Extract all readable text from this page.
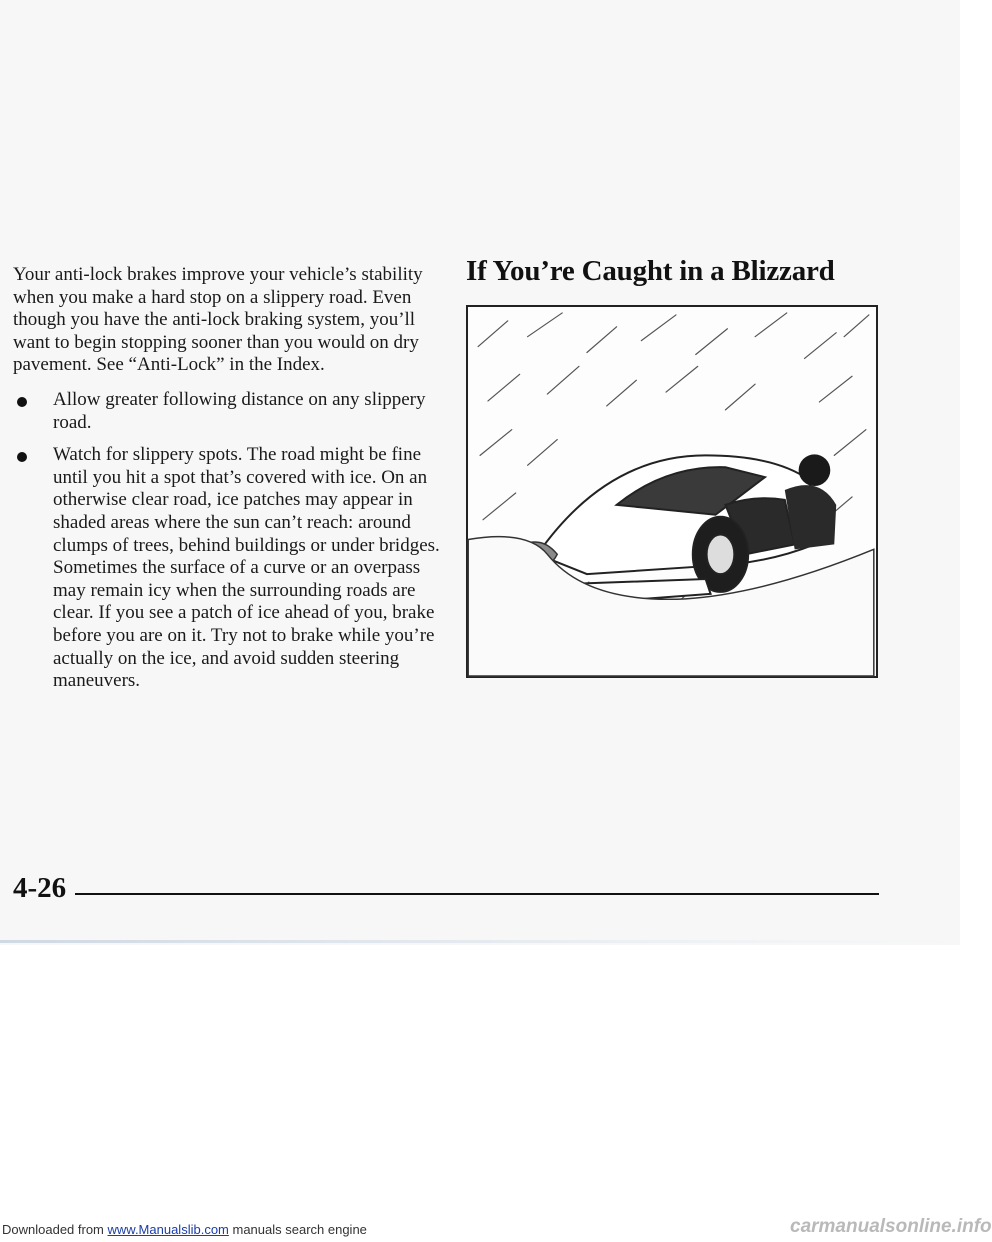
Your anti-lock brakes improve your vehicle’s stability when you make a hard stop on a slippery road. Even though you have the anti-lock braking system, you’ll want to begin stopping sooner than you would on dry pavement. See “Anti-Lock” in the Index.

Allow greater following distance on any slippery road.
Watch for slippery spots. The road might be fine until you hit a spot that’s covered with ice. On an otherwise clear road, ice patches may appear in shaded areas where the sun can’t reach: around clumps of trees, behind buildings or under bridges. Sometimes the surface of a curve or an overpass may remain icy when the surrounding roads are clear. If you see a patch of ice ahead of you, brake before you are on it. Try not to brake while you’re actually on the ice, and avoid sudden steering maneuvers.
If You’re Caught in a Blizzard
4-26
Downloaded from www.Manualslib.com manuals search engine	carmanualsonline.info
